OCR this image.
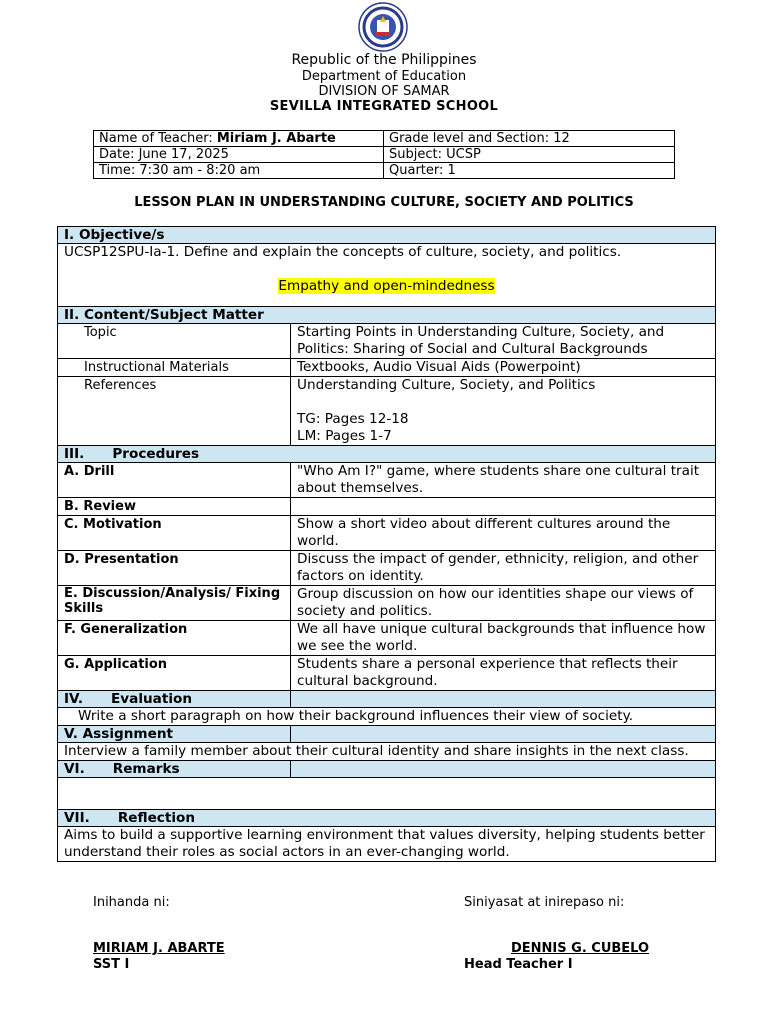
Republic of the Philippines
Department of Education
DIVISION OF SAMAR
SEVILLA INTEGRATED SCHOOL
Name of Teacher: Miriam J. Abarte	Grade level and Section: 12
Date: June 17, 2025	Subject: UCSP
Time: 7:30 am - 8:20 am	Quarter: 1
LESSON PLAN IN UNDERSTANDING CULTURE, SOCIETY AND POLITICS
I. Objective/s	

UCSP12SPU-Ia-1. Define and explain the concepts of culture, society, and politics.
Empathy and open-mindedness	

II. Content/Subject Matter	
Topic	Starting Points in Understanding Culture, Society, and Politics: Sharing of Social and Cultural Backgrounds
Instructional Materials	Textbooks, Audio Visual Aids (Powerpoint)
References	Understanding Culture, Society, and Politics
TG: Pages 12-18
LM: Pages 1-7

III. Procedures	
A. Drill	"Who Am I?" game, where students share one cultural trait about themselves.
B. Review	
C. Motivation	Show a short video about different cultures around the world.
D. Presentation	Discuss the impact of gender, ethnicity, religion, and other factors on identity.
E. Discussion/Analysis/ Fixing Skills	Group discussion on how our identities shape our views of society and politics.
F. Generalization	We all have unique cultural backgrounds that influence how we see the world.
G. Application	Students share a personal experience that reflects their cultural background.
IV. Evaluation	
Write a short paragraph on how their background influences their view of society.	
V. Assignment	
Interview a family member about their cultural identity and share insights in the next class.	
VI. Remarks	

VII. Reflection	
Aims to build a supportive learning environment that values diversity, helping students better understand their roles as social actors in an ever-changing world.	
Inihanda ni:	Siniyasat at inirepaso ni:
MIRIAM J. ABARTE
SST I
DENNIS G. CUBELO
Head Teacher I
